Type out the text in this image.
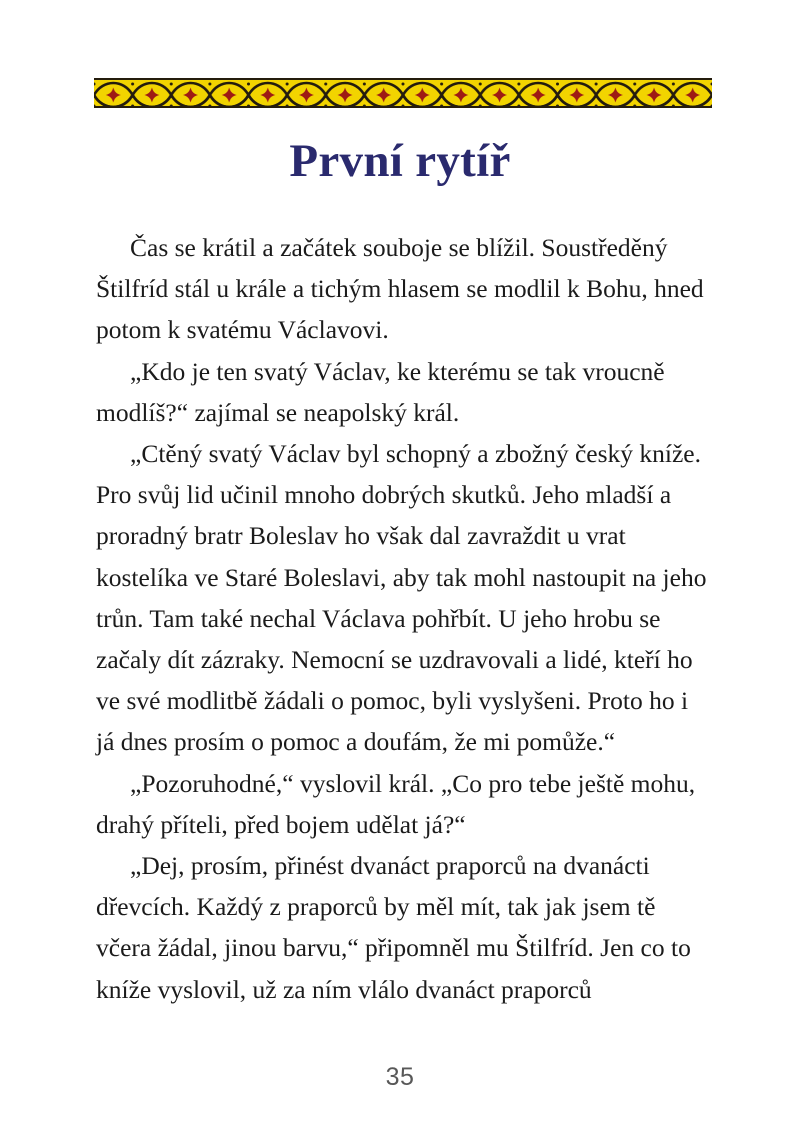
První rytíř

Čas se krátil a začátek souboje se blížil. Soustředěný Štilfríd stál u krále a tichým hlasem se modlil k Bohu, hned potom k svatému Václavovi.

„Kdo je ten svatý Václav, ke kterému se tak vroucně modlíš?“ zajímal se neapolský král.

„Ctěný svatý Václav byl schopný a zbožný český kníže. Pro svůj lid učinil mnoho dobrých skutků. Jeho mladší a proradný bratr Boleslav ho však dal zavraždit u vrat kostelíka ve Staré Boleslavi, aby tak mohl nastoupit na jeho trůn. Tam také nechal Václava pohřbít. U jeho hrobu se začaly dít zázraky. Nemocní se uzdravovali a lidé, kteří ho ve své modlitbě žádali o pomoc, byli vyslyšeni. Proto ho i já dnes prosím o pomoc a doufám, že mi pomůže.“

„Pozoruhodné,“ vyslovil král. „Co pro tebe ještě mohu, drahý příteli, před bojem udělat já?“

„Dej, prosím, přinést dvanáct praporců na dvanácti dřevcích. Každý z praporců by měl mít, tak jak jsem tě včera žádal, jinou barvu,“ připomněl mu Štilfríd. Jen co to kníže vyslovil, už za ním vlálo dvanáct praporců

35
